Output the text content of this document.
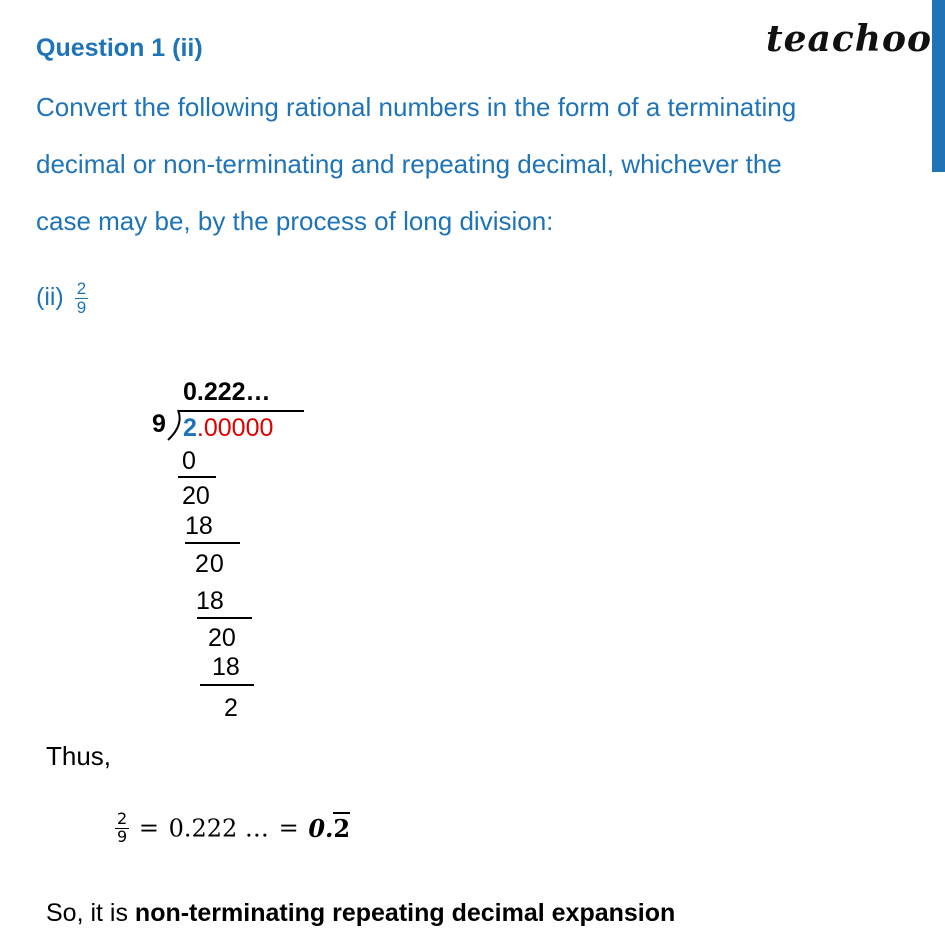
Question 1 (ii)	teachoo
Convert the following rational numbers in the form of a terminating
decimal or non-terminating and repeating decimal, whichever the
case may be, by the process of long division:
$(ii) \frac{2}{9}$
0.222…
9 2.00000
0
20
18
20
18
20
18
2
Thus,
$\frac{2}{9} = 0.222$ … = 0.2
So, it is non-terminating repeating decimal expansion
